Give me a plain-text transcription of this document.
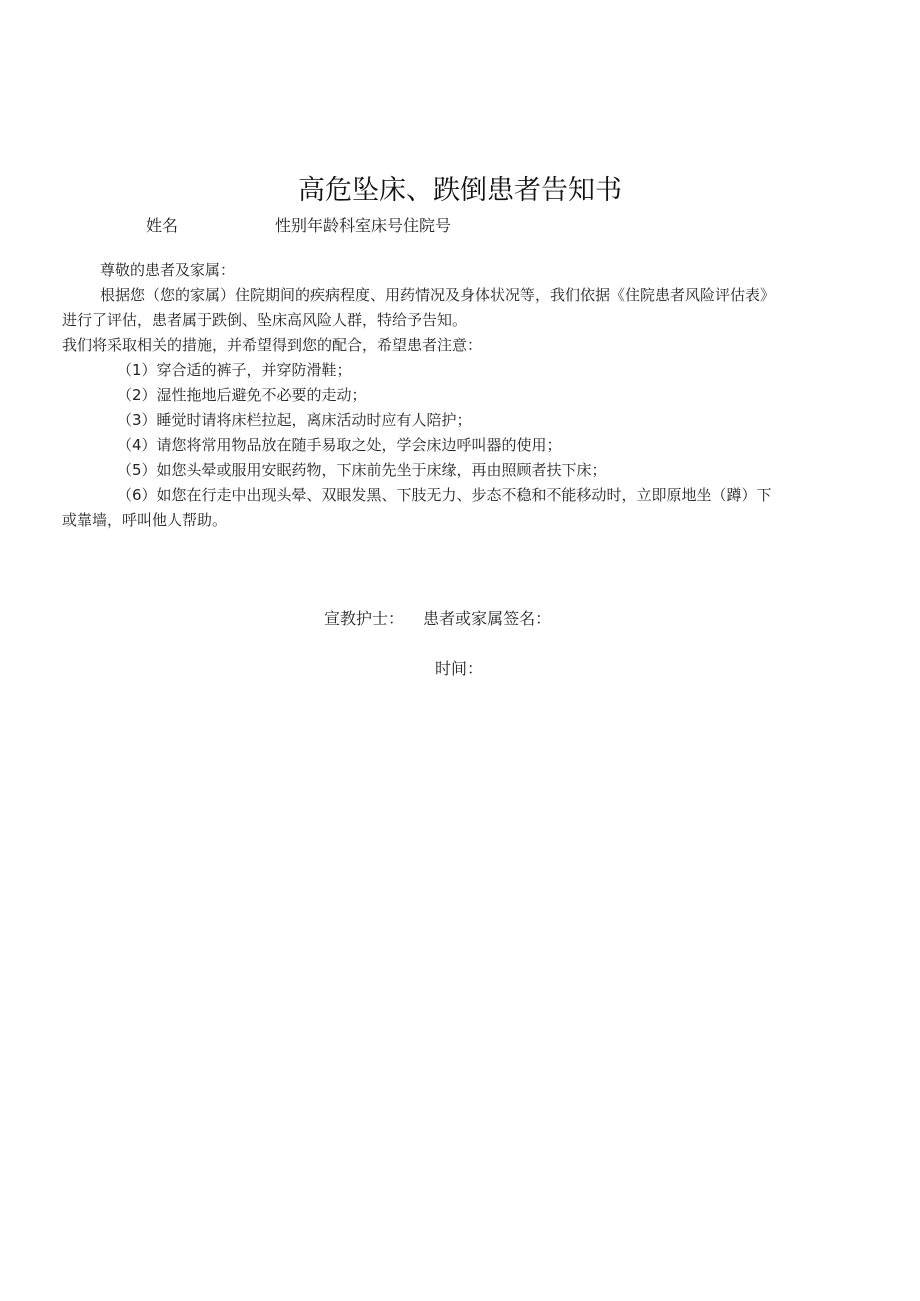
高危坠床、跌倒患者告知书
姓名	性别年龄科室床号住院号
尊敬的患者及家属：
根据您（您的家属）住院期间的疾病程度、用药情况及身体状况等，我们依据《住院患者风险评估表》
进行了评估，患者属于跌倒、坠床高风险人群，特给予告知。
我们将采取相关的措施，并希望得到您的配合，希望患者注意：
（1）穿合适的裤子，并穿防滑鞋；
（2）湿性拖地后避免不必要的走动；
（3）睡觉时请将床栏拉起，离床活动时应有人陪护；
（4）请您将常用物品放在随手易取之处，学会床边呼叫器的使用；
（5）如您头晕或服用安眠药物，下床前先坐于床缘，再由照顾者扶下床；
（6）如您在行走中出现头晕、双眼发黑、下肢无力、步态不稳和不能移动时，立即原地坐（蹲）下
或靠墙，呼叫他人帮助。
宣教护士： 患者或家属签名：
时间：
